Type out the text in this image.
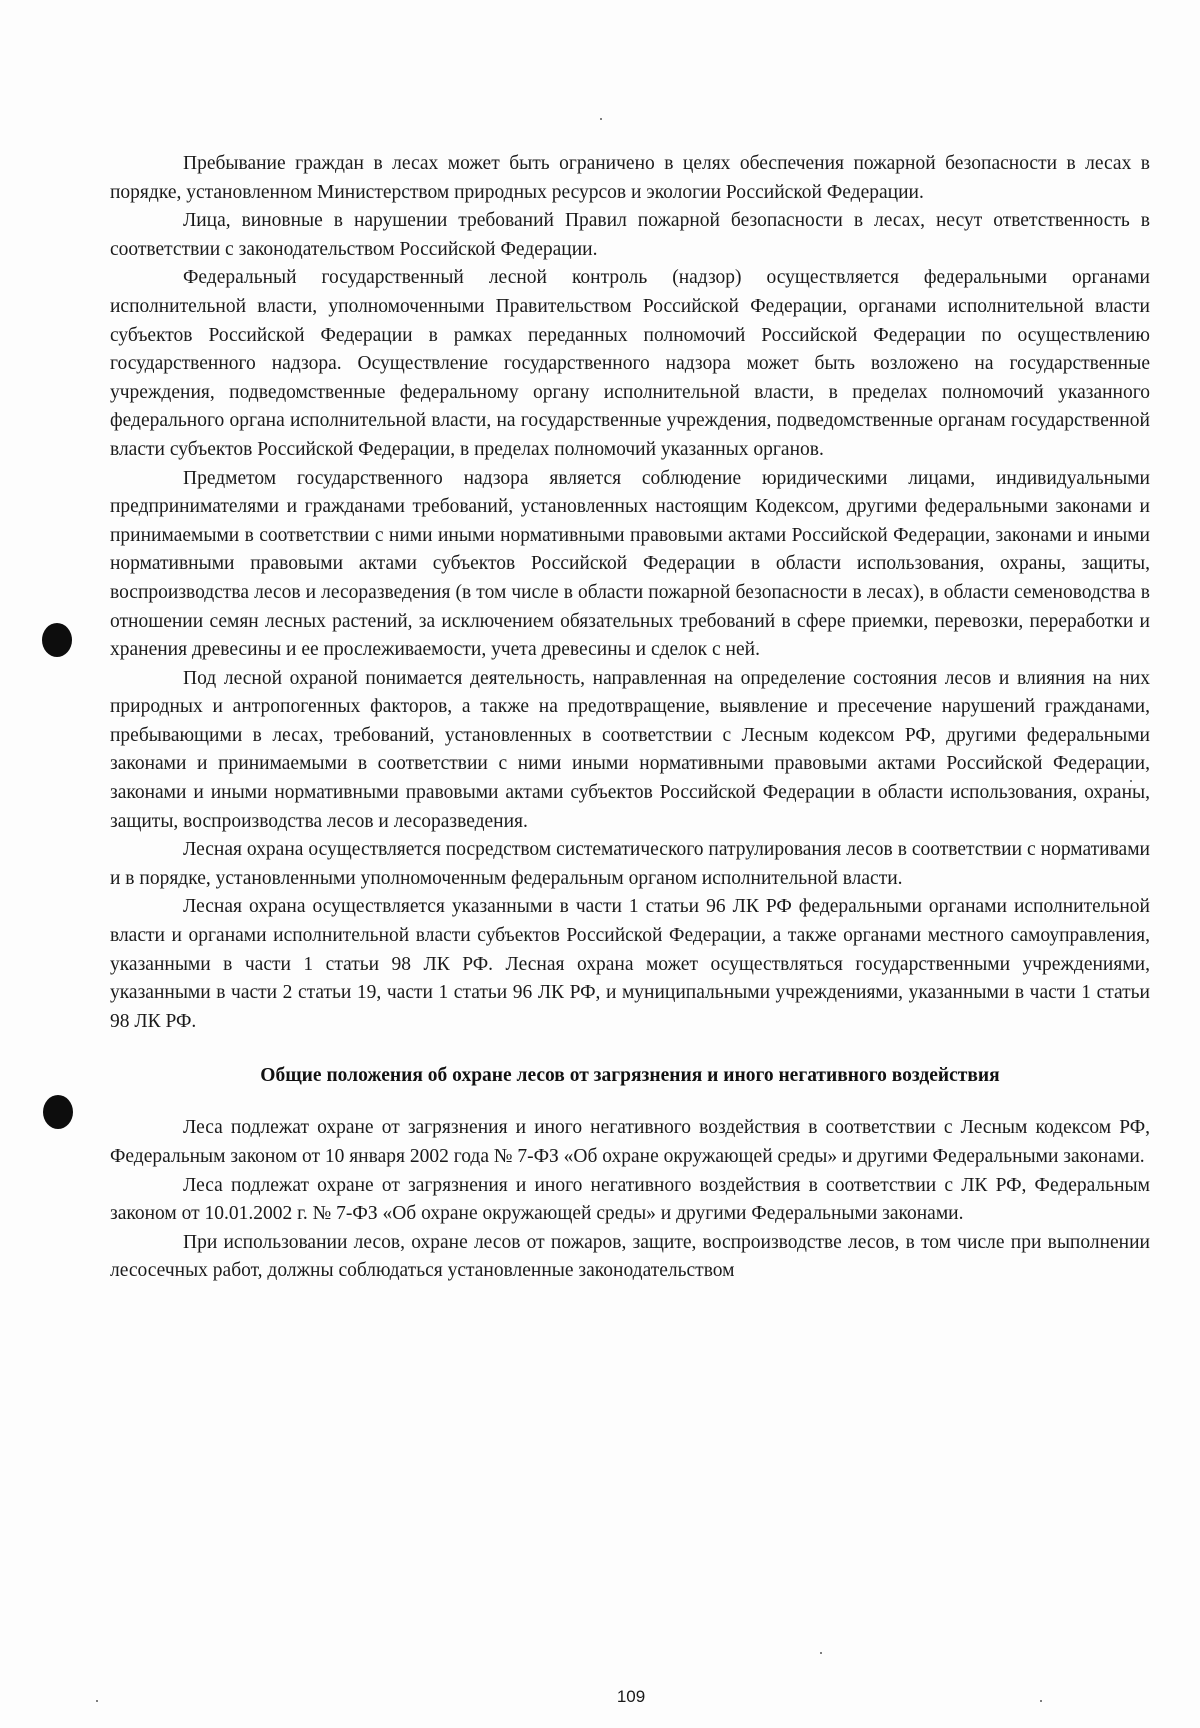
Пребывание граждан в лесах может быть ограничено в целях обеспечения пожарной безопасности в лесах в порядке, установленном Министерством природных ресурсов и экологии Российской Федерации.

Лица, виновные в нарушении требований Правил пожарной безопасности в лесах, несут ответственность в соответствии с законодательством Российской Федерации.

Федеральный государственный лесной контроль (надзор) осуществляется федеральными органами исполнительной власти, уполномоченными Правительством Российской Федерации, органами исполнительной власти субъектов Российской Федерации в рамках переданных полномочий Российской Федерации по осуществлению государственного надзора. Осуществление государственного надзора может быть возложено на государственные учреждения, подведомственные федеральному органу исполнительной власти, в пределах полномочий указанного федерального органа исполнительной власти, на государственные учреждения, подведомственные органам государственной власти субъектов Российской Федерации, в пределах полномочий указанных органов.

Предметом государственного надзора является соблюдение юридическими лицами, индивидуальными предпринимателями и гражданами требований, установленных настоящим Кодексом, другими федеральными законами и принимаемыми в соответствии с ними иными нормативными правовыми актами Российской Федерации, законами и иными нормативными правовыми актами субъектов Российской Федерации в области использования, охраны, защиты, воспроизводства лесов и лесоразведения (в том числе в области пожарной безопасности в лесах), в области семеноводства в отношении семян лесных растений, за исключением обязательных требований в сфере приемки, перевозки, переработки и хранения древесины и ее прослеживаемости, учета древесины и сделок с ней.

Под лесной охраной понимается деятельность, направленная на определение состояния лесов и влияния на них природных и антропогенных факторов, а также на предотвращение, выявление и пресечение нарушений гражданами, пребывающими в лесах, требований, установленных в соответствии с Лесным кодексом РФ, другими федеральными законами и принимаемыми в соответствии с ними иными нормативными правовыми актами Российской Федерации, законами и иными нормативными правовыми актами субъектов Российской Федерации в области использования, охраны, защиты, воспроизводства лесов и лесоразведения.

Лесная охрана осуществляется посредством систематического патрулирования лесов в соответствии с нормативами и в порядке, установленными уполномоченным федеральным органом исполнительной власти.

Лесная охрана осуществляется указанными в части 1 статьи 96 ЛК РФ федеральными органами исполнительной власти и органами исполнительной власти субъектов Российской Федерации, а также органами местного самоуправления, указанными в части 1 статьи 98 ЛК РФ. Лесная охрана может осуществляться государственными учреждениями, указанными в части 2 статьи 19, части 1 статьи 96 ЛК РФ, и муниципальными учреждениями, указанными в части 1 статьи 98 ЛК РФ.

Общие положения об охране лесов от загрязнения и иного негативного воздействия

Леса подлежат охране от загрязнения и иного негативного воздействия в соответствии с Лесным кодексом РФ, Федеральным законом от 10 января 2002 года № 7-ФЗ «Об охране окружающей среды» и другими Федеральными законами.

Леса подлежат охране от загрязнения и иного негативного воздействия в соответствии с ЛК РФ, Федеральным законом от 10.01.2002 г. № 7-ФЗ «Об охране окружающей среды» и другими Федеральными законами.

При использовании лесов, охране лесов от пожаров, защите, воспроизводстве лесов, в том числе при выполнении лесосечных работ, должны соблюдаться установленные законодательством

109
